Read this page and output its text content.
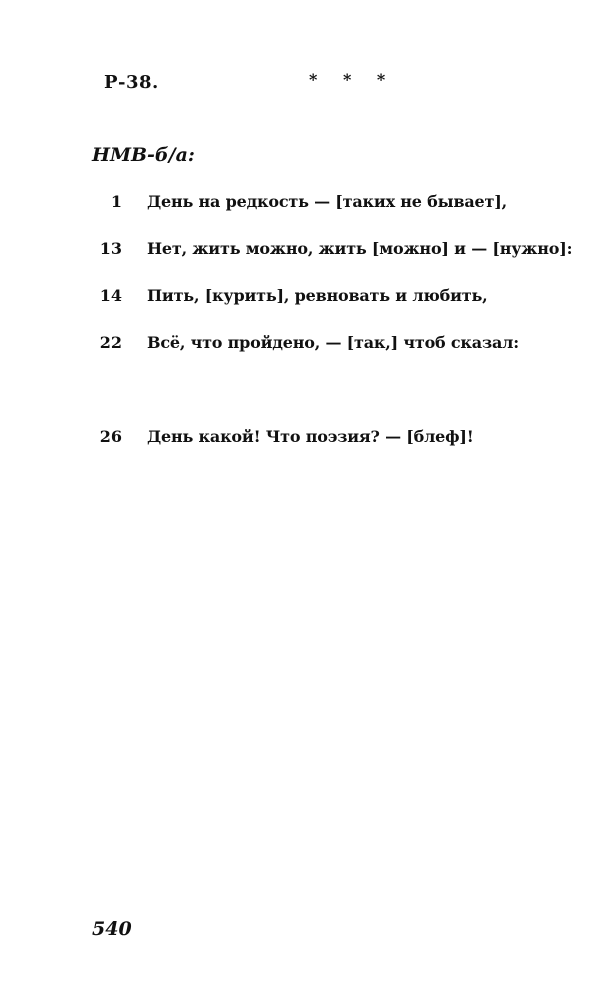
Р-38.	* * *
НМВ-б/а:
1 День на редкость — [таких не бывает],
13 Нет, жить можно, жить [можно] и — [нужно]:
14 Пить, [курить], ревновать и любить,
22 Всё, что пройдено, — [так,] чтоб сказал:
26 День какой! Что поэзия? — [блеф]!
540
